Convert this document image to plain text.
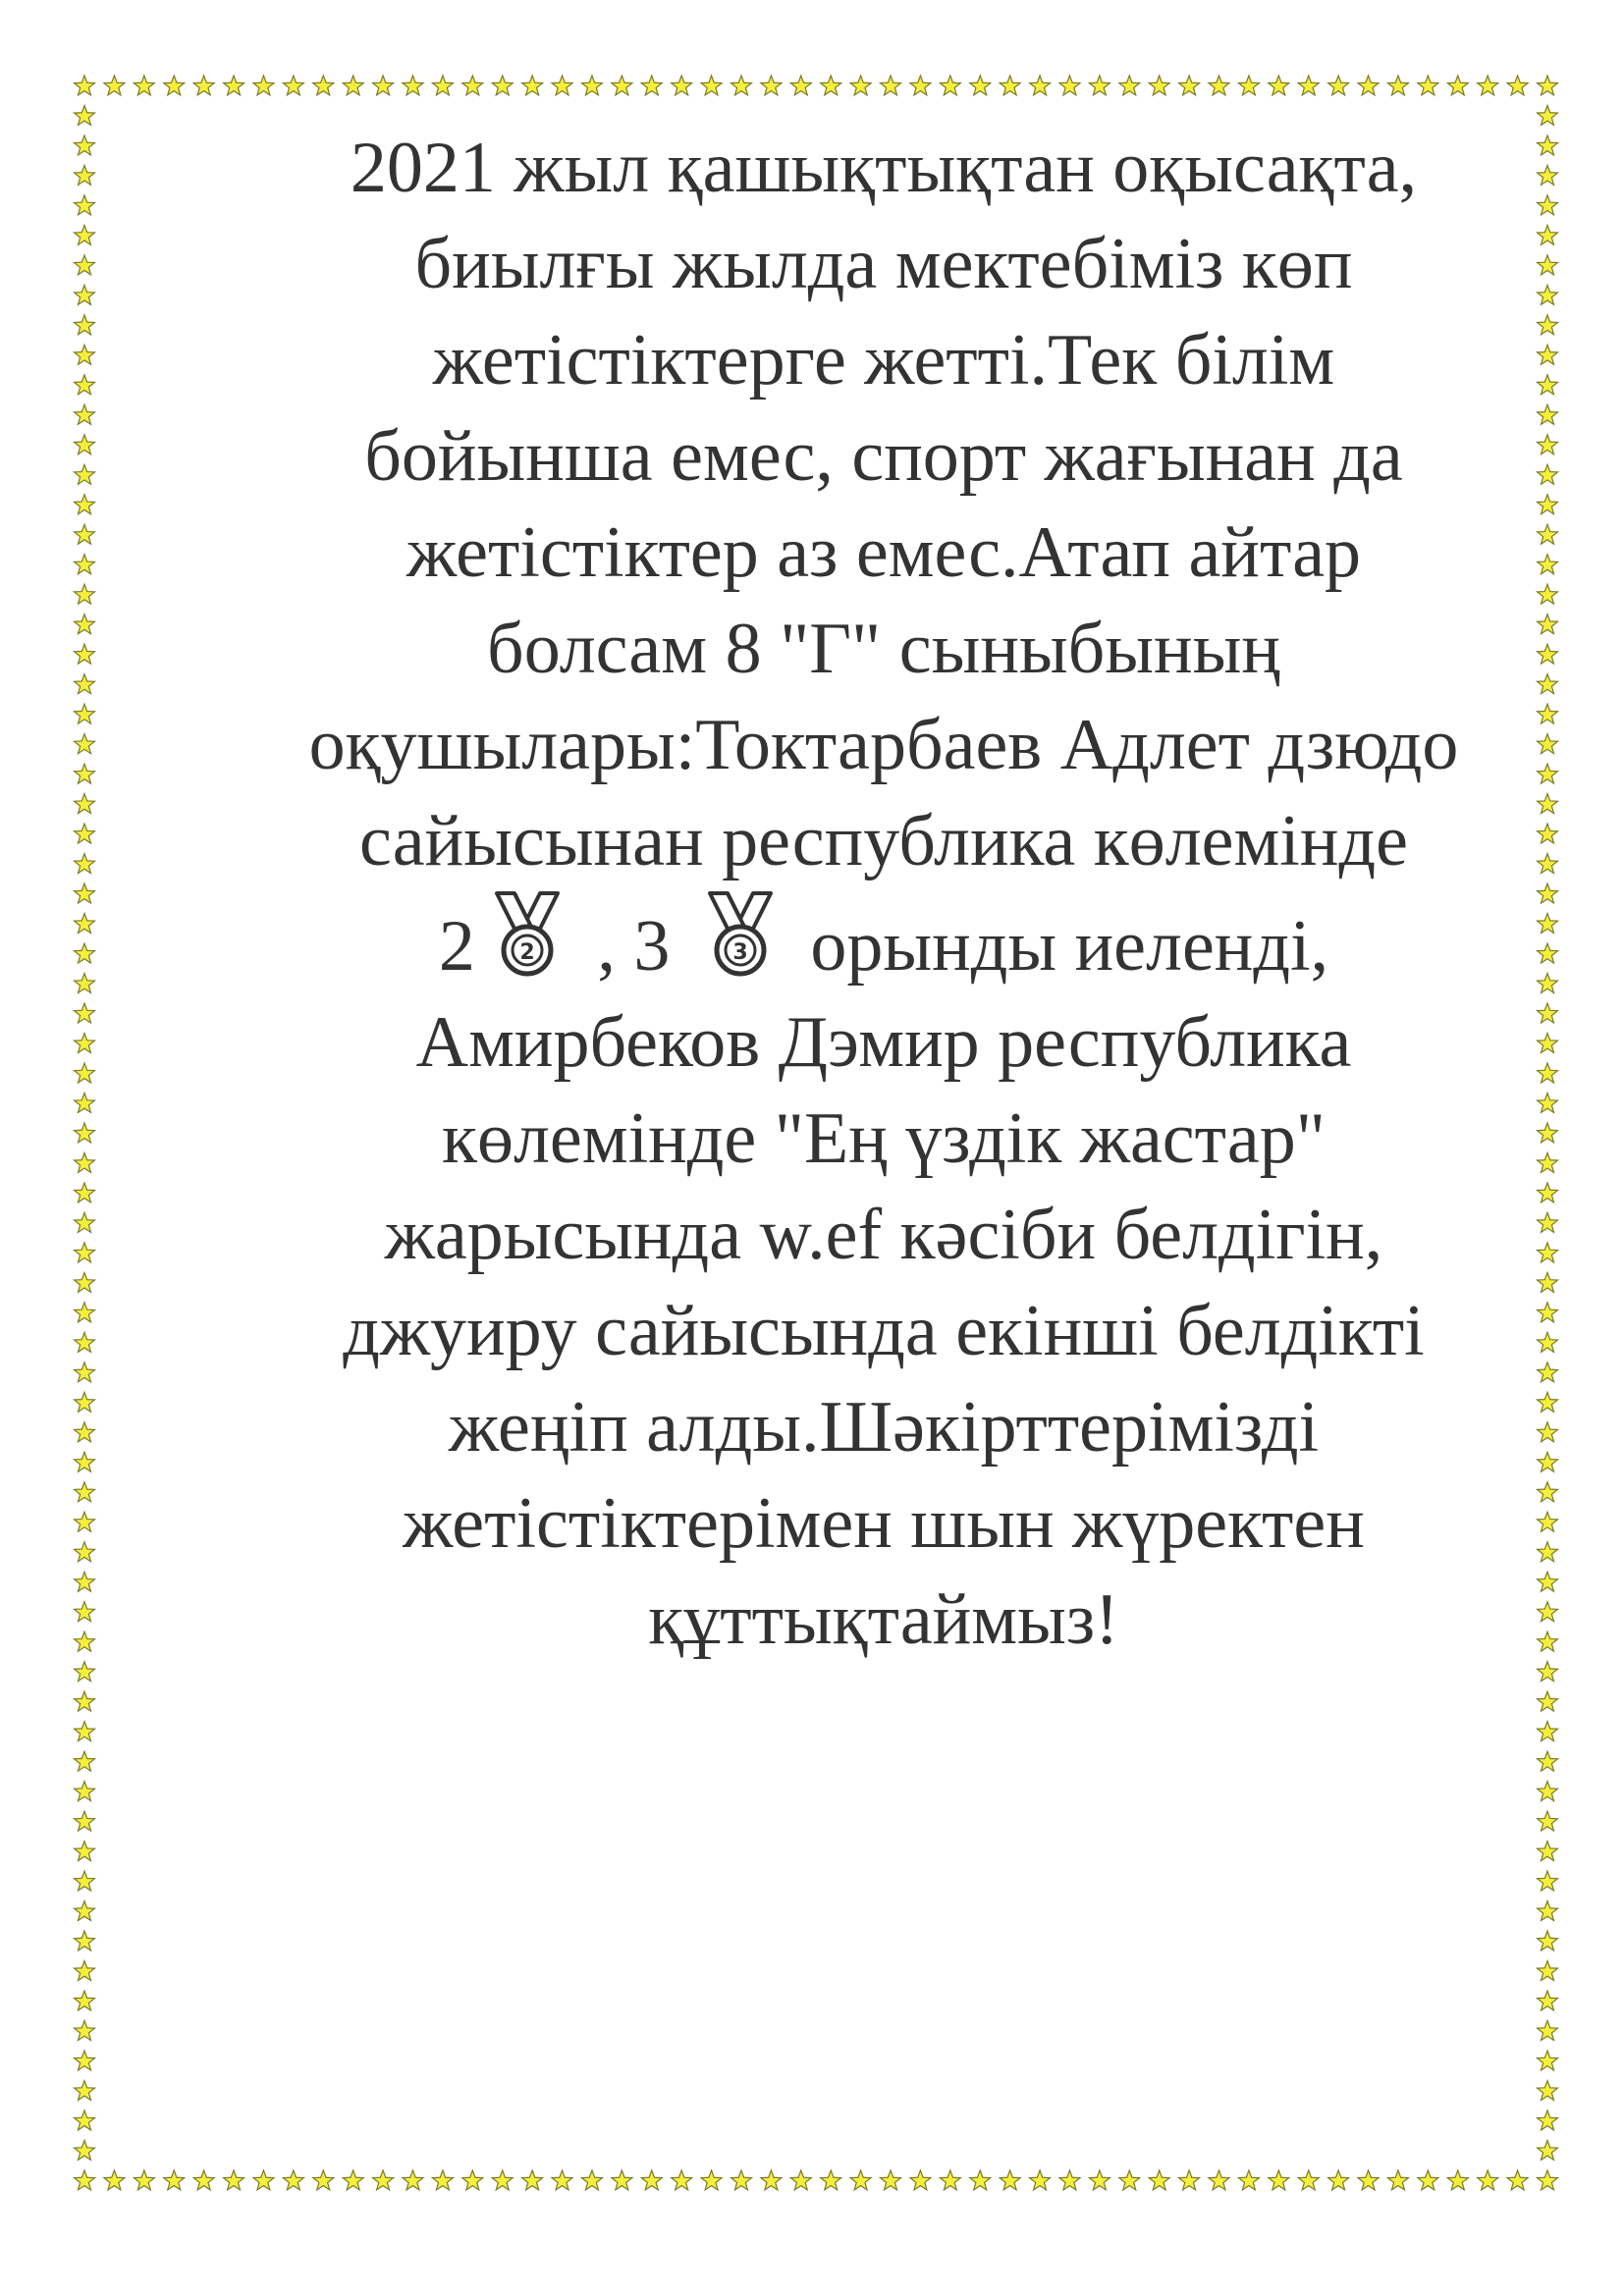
2021 жыл қашықтықтан оқысақта,
биылғы жылда мектебіміз көп
жетістіктерге жетті.Тек білім
бойынша емес, спорт жағынан да
жетістіктер аз емес.Атап айтар
болсам 8 "Г" сыныбының
оқушылары:Токтарбаев Адлет дзюдо
сайысынан республика көлемінде
2 2 , 3 3 орынды иеленді,
Амирбеков Дэмир республика
көлемінде "Ең үздік жастар"
жарысында w.ef кәсіби белдігін,
джуиру сайысында екінші белдікті
жеңіп алды.Шәкірттерімізді
жетістіктерімен шын жүректен
құттықтаймыз!
